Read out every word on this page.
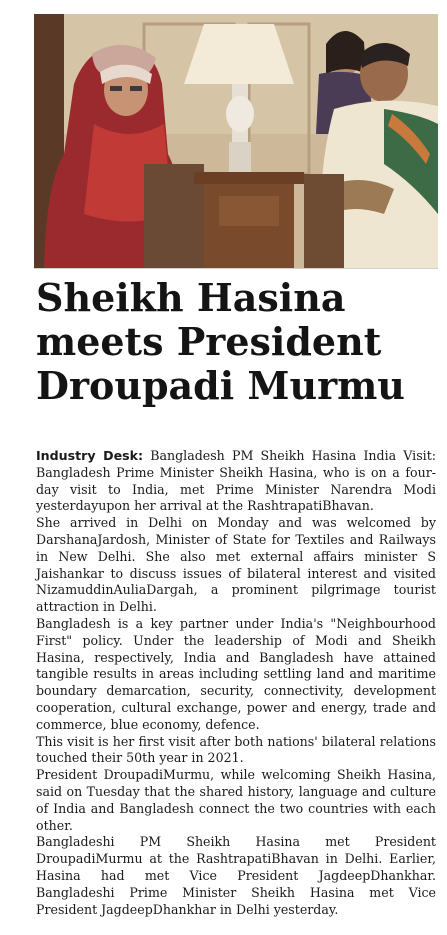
Sheikh Hasina
meets President
Droupadi Murmu

Industry Desk: Bangladesh PM Sheikh Hasina India Visit: Bangladesh Prime Minister Sheikh Hasina, who is on a four-day visit to India, met Prime Minister Narendra Modi yesterdayupon her arrival at the RashtrapatiBhavan.

She arrived in Delhi on Monday and was welcomed by DarshanaJardosh, Minister of State for Textiles and Railways in New Delhi. She also met external affairs minister S Jaishankar to discuss issues of bilateral interest and visited NizamuddinAuliaDargah, a prominent pilgrimage tourist attraction in Delhi.

Bangladesh is a key partner under India's "Neighbourhood First" policy. Under the leadership of Modi and Sheikh Hasina, respectively, India and Bangladesh have attained tangible results in areas including settling land and maritime boundary demarcation, security, connectivity, development cooperation, cultural exchange, power and energy, trade and commerce, blue economy, defence.

This visit is her first visit after both nations' bilateral relations touched their 50th year in 2021.

President DroupadiMurmu, while welcoming Sheikh Hasina, said on Tuesday that the shared history, language and culture of India and Bangladesh connect the two countries with each other.

Bangladeshi PM Sheikh Hasina met President DroupadiMurmu at the RashtrapatiBhavan in Delhi. Earlier, Hasina had met Vice President JagdeepDhankhar. Bangladeshi Prime Minister Sheikh Hasina met Vice President JagdeepDhankhar in Delhi yesterday.
